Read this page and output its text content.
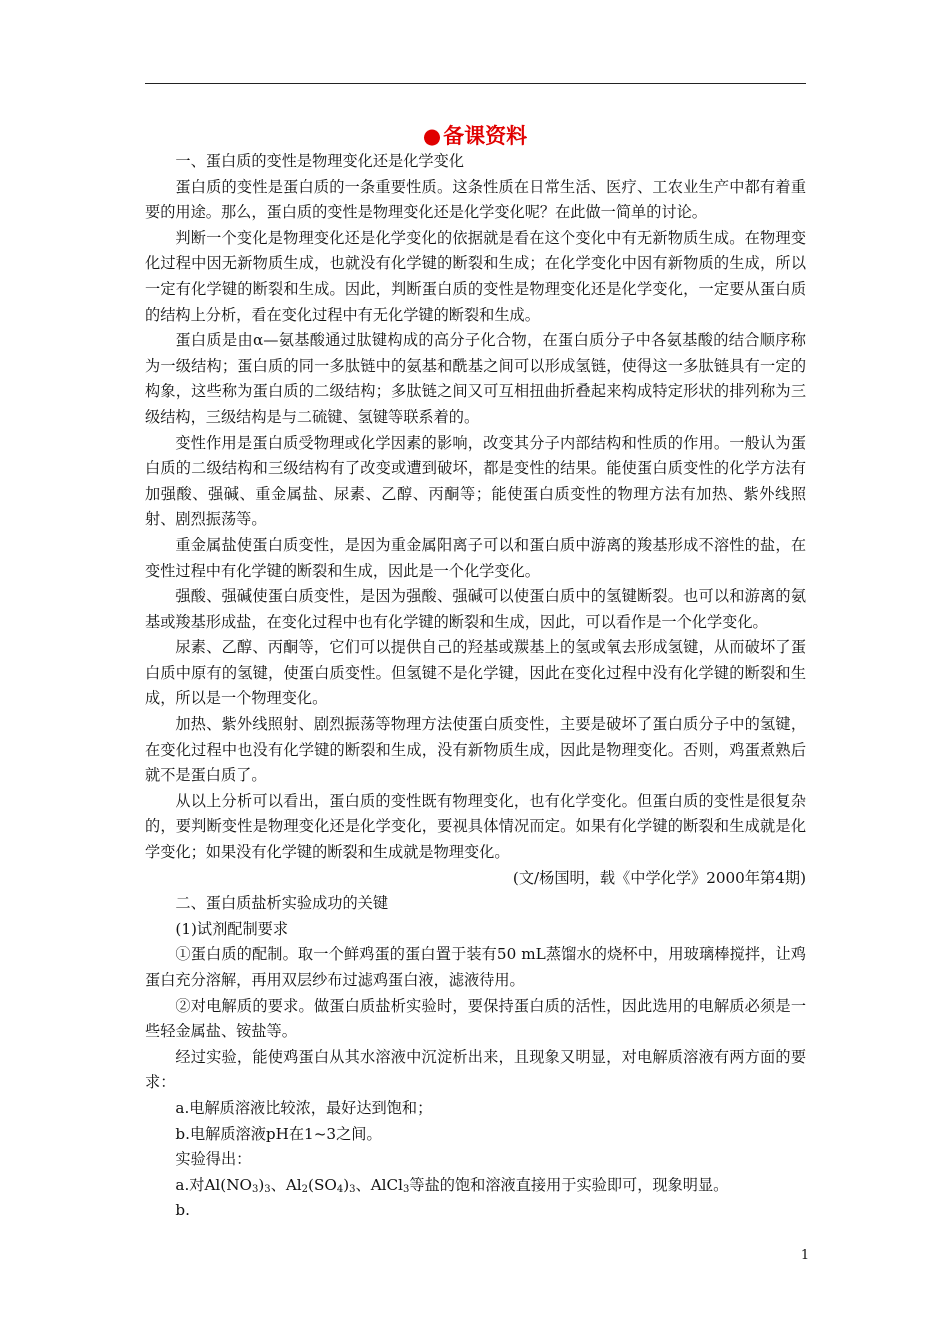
●备课资料

一、蛋白质的变性是物理变化还是化学变化

蛋白质的变性是蛋白质的一条重要性质。这条性质在日常生活、医疗、工农业生产中都有着重要的用途。那么，蛋白质的变性是物理变化还是化学变化呢？在此做一简单的讨论。

判断一个变化是物理变化还是化学变化的依据就是看在这个变化中有无新物质生成。在物理变化过程中因无新物质生成，也就没有化学键的断裂和生成；在化学变化中因有新物质的生成，所以一定有化学键的断裂和生成。因此，判断蛋白质的变性是物理变化还是化学变化，一定要从蛋白质的结构上分析，看在变化过程中有无化学键的断裂和生成。

蛋白质是由α—氨基酸通过肽键构成的高分子化合物，在蛋白质分子中各氨基酸的结合顺序称为一级结构；蛋白质的同一多肽链中的氨基和酰基之间可以形成氢链，使得这一多肽链具有一定的构象，这些称为蛋白质的二级结构；多肽链之间又可互相扭曲折叠起来构成特定形状的排列称为三级结构，三级结构是与二硫键、氢键等联系着的。

变性作用是蛋白质受物理或化学因素的影响，改变其分子内部结构和性质的作用。一般认为蛋白质的二级结构和三级结构有了改变或遭到破坏，都是变性的结果。能使蛋白质变性的化学方法有加强酸、强碱、重金属盐、尿素、乙醇、丙酮等；能使蛋白质变性的物理方法有加热、紫外线照射、剧烈振荡等。

重金属盐使蛋白质变性，是因为重金属阳离子可以和蛋白质中游离的羧基形成不溶性的盐，在变性过程中有化学键的断裂和生成，因此是一个化学变化。

强酸、强碱使蛋白质变性，是因为强酸、强碱可以使蛋白质中的氢键断裂。也可以和游离的氨基或羧基形成盐，在变化过程中也有化学键的断裂和生成，因此，可以看作是一个化学变化。

尿素、乙醇、丙酮等，它们可以提供自己的羟基或羰基上的氢或氧去形成氢键，从而破坏了蛋白质中原有的氢键，使蛋白质变性。但氢键不是化学键，因此在变化过程中没有化学键的断裂和生成，所以是一个物理变化。

加热、紫外线照射、剧烈振荡等物理方法使蛋白质变性，主要是破坏了蛋白质分子中的氢键，在变化过程中也没有化学键的断裂和生成，没有新物质生成，因此是物理变化。否则，鸡蛋煮熟后就不是蛋白质了。

从以上分析可以看出，蛋白质的变性既有物理变化，也有化学变化。但蛋白质的变性是很复杂的，要判断变性是物理变化还是化学变化，要视具体情况而定。如果有化学键的断裂和生成就是化学变化；如果没有化学键的断裂和生成就是物理变化。

(文/杨国明，载《中学化学》2000年第4期)

二、蛋白质盐析实验成功的关键

(1)试剂配制要求

①蛋白质的配制。取一个鲜鸡蛋的蛋白置于装有50 mL蒸馏水的烧杯中，用玻璃棒搅拌，让鸡蛋白充分溶解，再用双层纱布过滤鸡蛋白液，滤液待用。

②对电解质的要求。做蛋白质盐析实验时，要保持蛋白质的活性，因此选用的电解质必须是一些轻金属盐、铵盐等。

经过实验，能使鸡蛋白从其水溶液中沉淀析出来，且现象又明显，对电解质溶液有两方面的要求：

a.电解质溶液比较浓，最好达到饱和；

b.电解质溶液pH在1~3之间。

实验得出：

a.对$Al(NO_3)_3$、$Al_2(SO_4)_3$、AlCl$_3$等盐的饱和溶液直接用于实验即可，现象明显。

b.

1
